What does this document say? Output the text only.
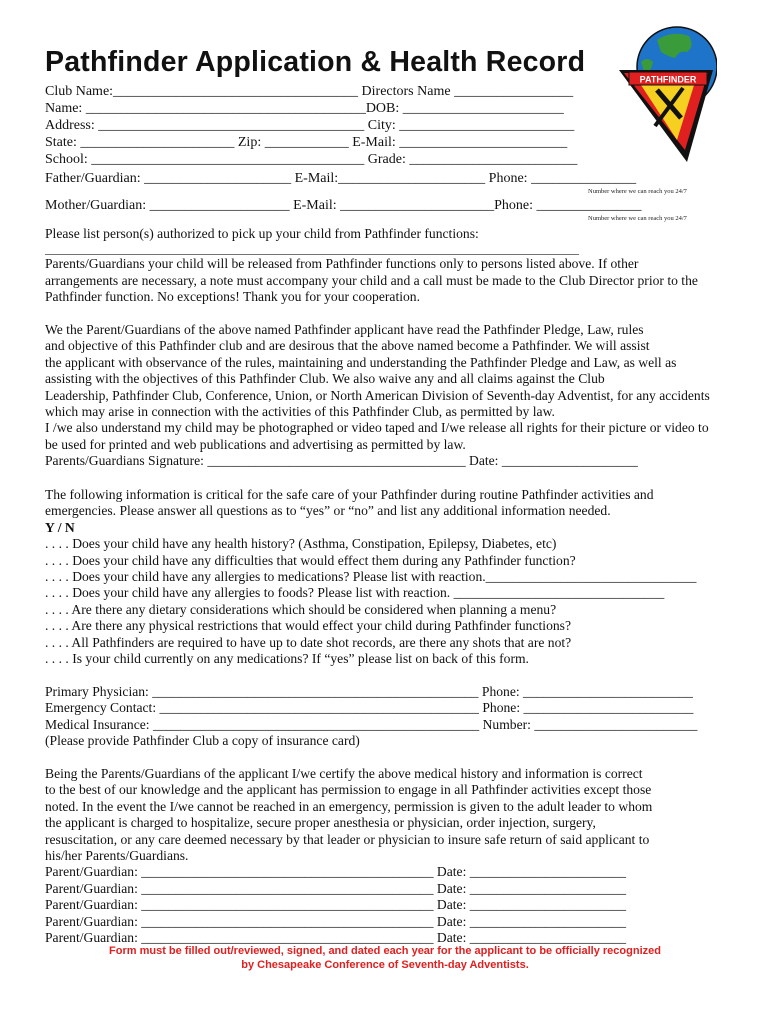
Pathfinder Application & Health Record
PATHFINDER
Club Name:___________________________________ Directors Name _________________
Name: ________________________________________DOB: _______________________
Address: ______________________________________ City: _________________________
State: ______________________ Zip: ____________ E-Mail: ________________________
School: _______________________________________ Grade: ________________________
Father/Guardian: _____________________ E-Mail:_____________________ Phone: _______________
Number where we can reach you 24/7
Mother/Guardian: ____________________ E-Mail: ______________________Phone: _______________
Number where we can reach you 24/7
Please list person(s) authorized to pick up your child from Pathfinder functions:
_________________________________________________________________________________________
Parents/Guardians your child will be released from Pathfinder functions only to persons listed above. If other
arrangements are necessary, a note must accompany your child and a call must be made to the Club Director prior to the
Pathfinder function. No exceptions! Thank you for your cooperation.
We the Parent/Guardians of the above named Pathfinder applicant have read the Pathfinder Pledge, Law, rules
and objective of this Pathfinder club and are desirous that the above named become a Pathfinder. We will assist
the applicant with observance of the rules, maintaining and understanding the Pathfinder Pledge and Law, as well as
assisting with the objectives of this Pathfinder Club. We also waive any and all claims against the Club
Leadership, Pathfinder Club, Conference, Union, or North American Division of Seventh-day Adventist, for any accidents
which may arise in connection with the activities of this Pathfinder Club, as permitted by law.
I /we also understand my child may be photographed or video taped and I/we release all rights for their picture or video to
be used for printed and web publications and advertising as permitted by law.
Parents/Guardians Signature: ______________________________________ Date: ____________________
The following information is critical for the safe care of your Pathfinder during routine Pathfinder activities and
emergencies. Please answer all questions as to “yes” or “no” and list any additional information needed.
Y / N
. . . . Does your child have any health history? (Asthma, Constipation, Epilepsy, Diabetes, etc)
. . . . Does your child have any difficulties that would effect them during any Pathfinder function?
. . . . Does your child have any allergies to medications? Please list with reaction._______________________________
. . . . Does your child have any allergies to foods? Please list with reaction. _______________________________
. . . . Are there any dietary considerations which should be considered when planning a menu?
. . . . Are there any physical restrictions that would effect your child during Pathfinder functions?
. . . . All Pathfinders are required to have up to date shot records, are there any shots that are not?
. . . . Is your child currently on any medications? If “yes” please list on back of this form.
Primary Physician: ________________________________________________ Phone: _________________________
Emergency Contact: _______________________________________________ Phone: _________________________
Medical Insurance: ________________________________________________ Number: ________________________
(Please provide Pathfinder Club a copy of insurance card)
Being the Parents/Guardians of the applicant I/we certify the above medical history and information is correct
to the best of our knowledge and the applicant has permission to engage in all Pathfinder activities except those
noted. In the event the I/we cannot be reached in an emergency, permission is given to the adult leader to whom
the applicant is charged to hospitalize, secure proper anesthesia or physician, order injection, surgery,
resuscitation, or any care deemed necessary by that leader or physician to insure safe return of said applicant to
his/her Parents/Guardians.
Parent/Guardian: ___________________________________________ Date: _______________________
Parent/Guardian: ___________________________________________ Date: _______________________
Parent/Guardian: ___________________________________________ Date: _______________________
Parent/Guardian: ___________________________________________ Date: _______________________
Parent/Guardian: ___________________________________________ Date: _______________________
Form must be filled out/reviewed, signed, and dated each year for the applicant to be officially recognized
by Chesapeake Conference of Seventh-day Adventists.
